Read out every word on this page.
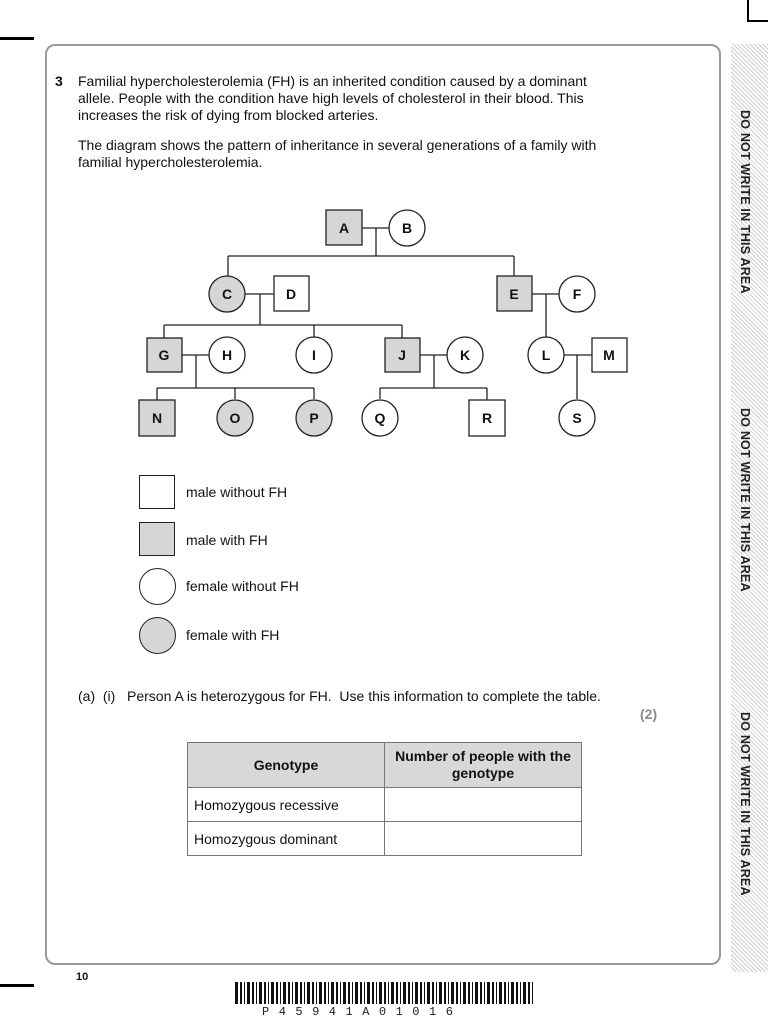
DO NOT WRITE IN THIS AREA
DO NOT WRITE IN THIS AREA
DO NOT WRITE IN THIS AREA
3 Familial hypercholesterolemia (FH) is an inherited condition caused by a dominant
allele. People with the condition have high levels of cholesterol in their blood. This
increases the risk of dying from blocked arteries.
The diagram shows the pattern of inheritance in several generations of a family with
familial hypercholesterolemia.
A	B
C	D	E	F
G	H	I	J	K	L	M
N	O	P	Q	R	S
male without FH
male with FH
female without FH
female with FH
(a)  (i)   Person A is heterozygous for FH.  Use this information to complete the table.
(2)
Genotype	Number of people with the
genotype

Homozygous recessive	
Homozygous dominant	
10
P45941A01016
